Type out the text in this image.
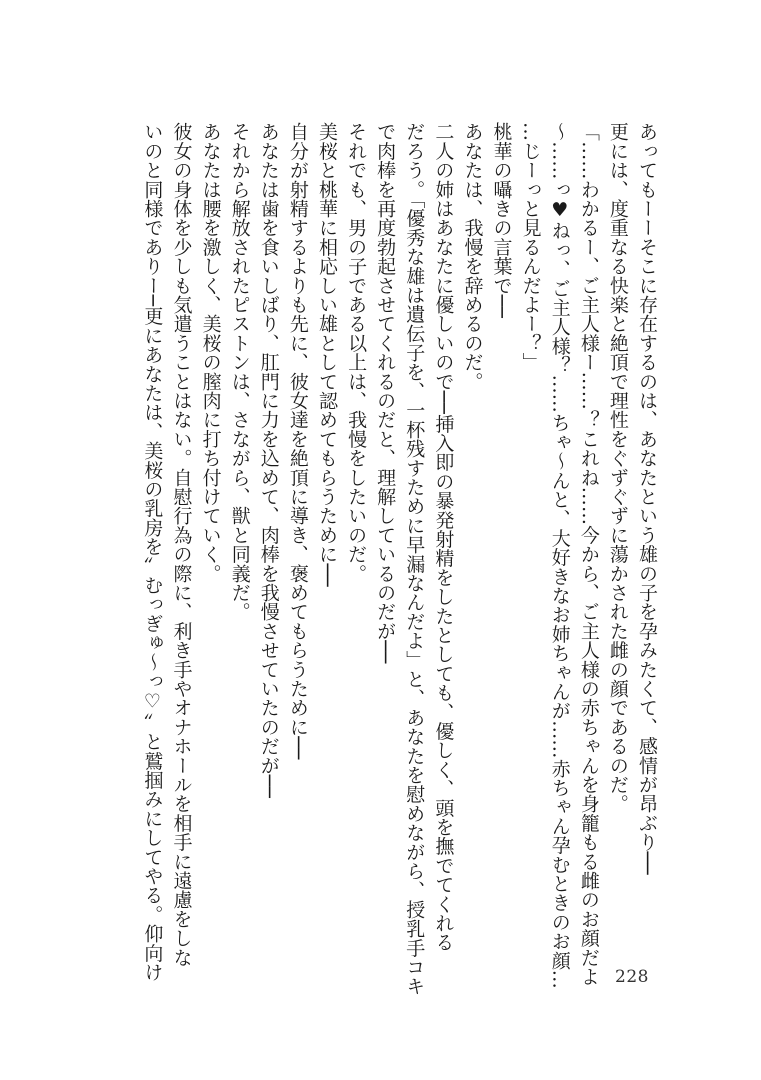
あってもーーそこに存在するのは、あなたという雄の子を孕みたくて、感情が昂ぶり──

更には、度重なる快楽と絶頂で理性をぐずぐずに蕩かされた雌の顔であるのだ。

「……わかるー、ご主人様ー……？これね……今から、ご主人様の赤ちゃんを身籠もる雌のお顔だよ

〜……っ♥ねっ、ご主人様？……ちゃ〜んと、大好きなお姉ちゃんが……赤ちゃん孕むときのお顔…

…じーっと見るんだよー？」

桃華の囁きの言葉で──

あなたは、我慢を辞めるのだ。

二人の姉はあなたに優しいので──挿入即の暴発射精をしたとしても、優しく、頭を撫でてくれる

だろう。「優秀な雄は遺伝子を、一杯残すために早漏なんだよ」と、あなたを慰めながら、授乳手コキ

で肉棒を再度勃起させてくれるのだと、理解しているのだが──

それでも、男の子である以上は、我慢をしたいのだ。

美桜と桃華に相応しい雄として認めてもらうために──

自分が射精するよりも先に、彼女達を絶頂に導き、褒めてもらうために──

あなたは歯を食いしばり、肛門に力を込めて、肉棒を我慢させていたのだが──

それから解放されたピストンは、さながら、獣と同義だ。

あなたは腰を激しく、美桜の膣肉に打ち付けていく。

彼女の身体を少しも気遣うことはない。自慰行為の際に、利き手やオナホールを相手に遠慮をしな

いのと同様でありー─更にあなたは、美桜の乳房を〟むっぎゅ〜っ♡〟と鷲掴みにしてやる。仰向け	228
